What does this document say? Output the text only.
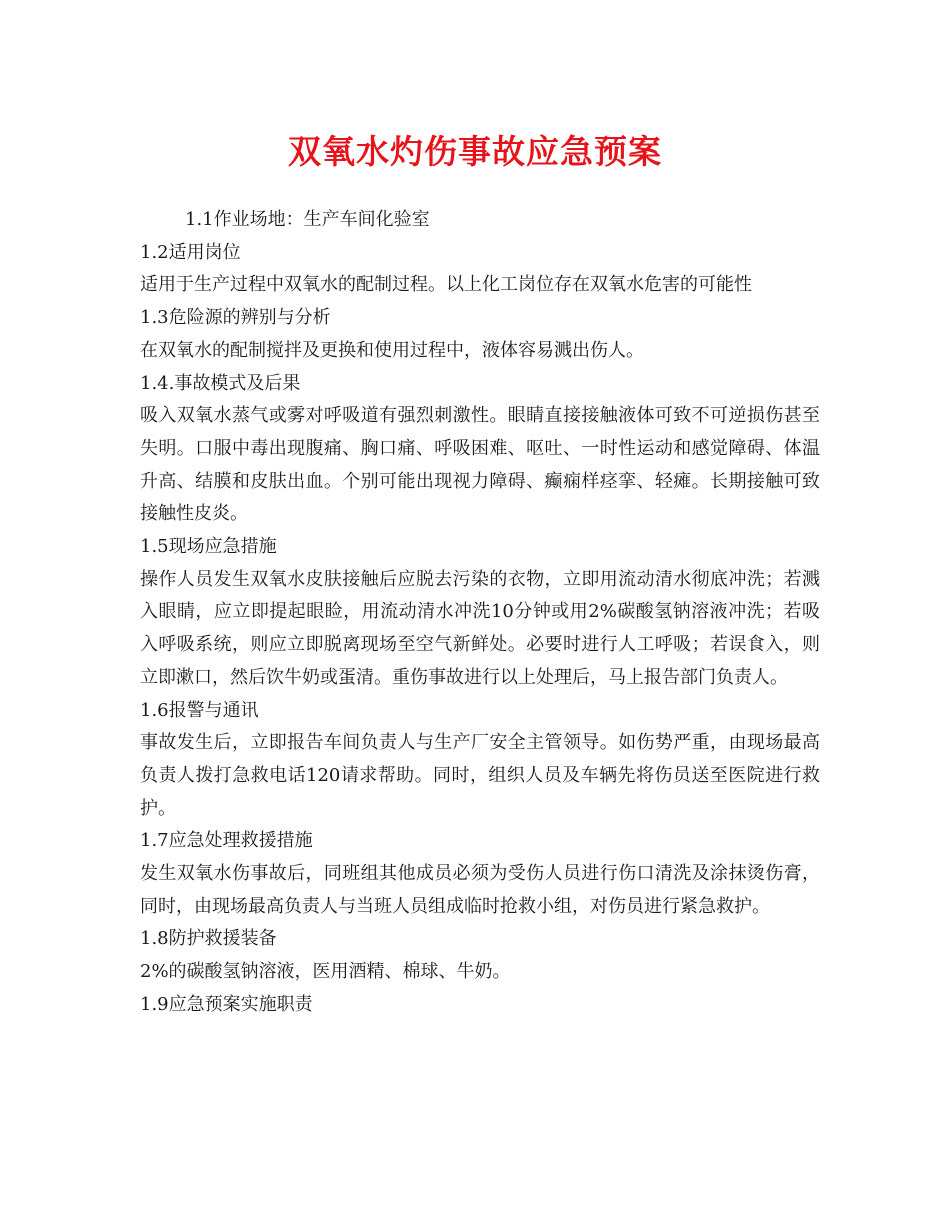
双氧水灼伤事故应急预案

1.1作业场地：生产车间化验室

1.2适用岗位

适用于生产过程中双氧水的配制过程。以上化工岗位存在双氧水危害的可能性

1.3危险源的辨别与分析

在双氧水的配制搅拌及更换和使用过程中，液体容易溅出伤人。

1.4.事故模式及后果

吸入双氧水蒸气或雾对呼吸道有强烈刺激性。眼睛直接接触液体可致不可逆损伤甚至失明。口服中毒出现腹痛、胸口痛、呼吸困难、呕吐、一时性运动和感觉障碍、体温升高、结膜和皮肤出血。个别可能出现视力障碍、癫痫样痉挛、轻瘫。长期接触可致接触性皮炎。

1.5现场应急措施

操作人员发生双氧水皮肤接触后应脱去污染的衣物，立即用流动清水彻底冲洗；若溅入眼睛，应立即提起眼睑，用流动清水冲洗10分钟或用2%碳酸氢钠溶液冲洗；若吸入呼吸系统，则应立即脱离现场至空气新鲜处。必要时进行人工呼吸；若误食入，则立即漱口，然后饮牛奶或蛋清。重伤事故进行以上处理后，马上报告部门负责人。

1.6报警与通讯

事故发生后，立即报告车间负责人与生产厂安全主管领导。如伤势严重，由现场最高负责人拨打急救电话120请求帮助。同时，组织人员及车辆先将伤员送至医院进行救护。

1.7应急处理救援措施

发生双氧水伤事故后，同班组其他成员必须为受伤人员进行伤口清洗及涂抹烫伤膏，同时，由现场最高负责人与当班人员组成临时抢救小组，对伤员进行紧急救护。

1.8防护救援装备

2%的碳酸氢钠溶液，医用酒精、棉球、牛奶。

1.9应急预案实施职责
